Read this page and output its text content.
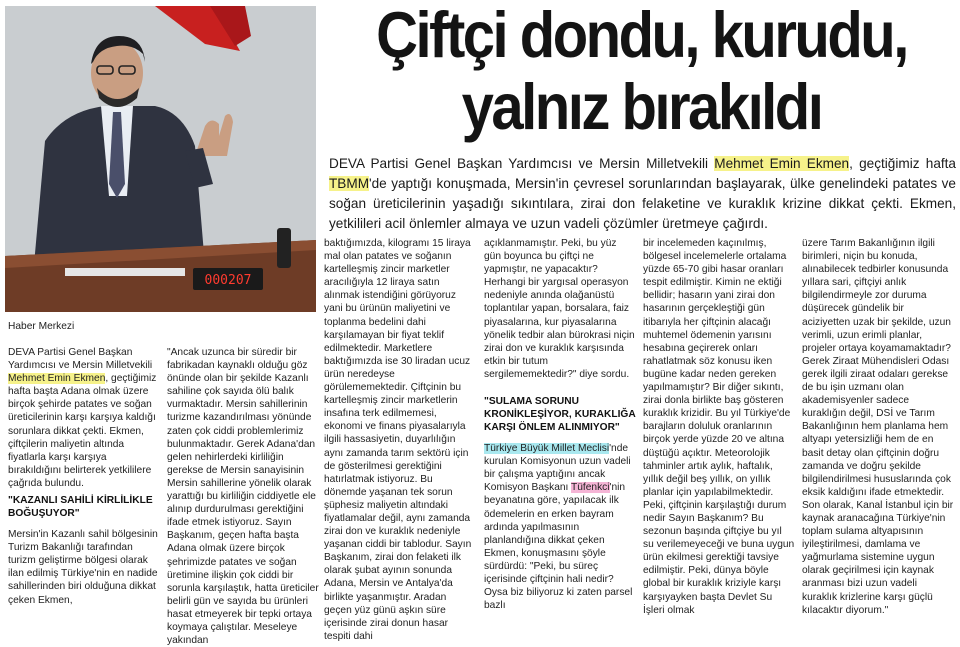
000207
Çiftçi dondu, kurudu,
yalnız bırakıldı

DEVA Partisi Genel Başkan Yardımcısı ve Mersin Milletvekili Mehmet Emin Ekmen, geçtiğimiz hafta TBMM'de yaptığı konuşmada, Mersin'in çevresel sorunlarından başlayarak, ülke genelindeki patates ve soğan üreticilerinin yaşadığı sıkıntılara, zirai don felaketine ve kuraklık krizine dikkat çekti. Ekmen, yetkilileri acil önlemler almaya ve uzun vadeli çözümler üretmeye çağırdı.

Haber Merkezi

DEVA Partisi Genel Başkan Yardımcısı ve Mersin Milletvekili Mehmet Emin Ekmen, geçtiğimiz hafta başta Adana olmak üzere birçok şehirde patates ve soğan üreticilerinin karşı karşıya kaldığı sorunlara dikkat çekti. Ekmen, çiftçilerin maliyetin altında fiyatlarla karşı karşıya bırakıldığını belirterek yetkililere çağrıda bulundu.

"KAZANLI SAHİLİ KİRLİLİKLE BOĞUŞUYOR"

Mersin'in Kazanlı sahil bölgesinin Turizm Bakanlığı tarafından turizm geliştirme bölgesi olarak ilan edilmiş Türkiye'nin en nadide sahillerinden biri olduğuna dikkat çeken Ekmen,

"Ancak uzunca bir süredir bir fabrikadan kaynaklı olduğu göz önünde olan bir şekilde Kazanlı sahiline çok sayıda ölü balık vurmaktadır. Mersin sahillerinin turizme kazandırılması yönünde zaten çok ciddi problemlerimiz bulunmaktadır. Gerek Adana'dan gelen nehirlerdeki kirliliğin gerekse de Mersin sanayisinin Mersin sahillerine yönelik olarak yarattığı bu kirliliğin ciddiyetle ele alınıp durdurulması gerektiğini ifade etmek istiyoruz. Sayın Başkanım, geçen hafta başta Adana olmak üzere birçok şehrimizde patates ve soğan üretimine ilişkin çok ciddi bir sorunla karşılaştık, hatta üreticiler belirli gün ve sayıda bu ürünleri hasat etmeyerek bir tepki ortaya koymaya çalıştılar. Meseleye yakından

baktığımızda, kilogramı 15 liraya mal olan patates ve soğanın kartelleşmiş zincir marketler aracılığıyla 12 liraya satın alınmak istendiğini görüyoruz yani bu ürünün maliyetini ve toplanma bedelini dahi karşılamayan bir fiyat teklif edilmektedir. Marketlere baktığımızda ise 30 liradan ucuz ürün neredeyse görülememektedir. Çiftçinin bu kartelleşmiş zincir marketlerin insafına terk edilmemesi, ekonomi ve finans piyasalarıyla ilgili hassasiyetin, duyarlılığın aynı zamanda tarım sektörü için de gösterilmesi gerektiğini hatırlatmak istiyoruz. Bu dönemde yaşanan tek sorun şüphesiz maliyetin altındaki fiyatlamalar değil, aynı zamanda zirai don ve kuraklık nedeniyle yaşanan ciddi bir tablodur. Sayın Başkanım, zirai don felaketi ilk olarak şubat ayının sonunda Adana, Mersin ve Antalya'da birlikte yaşanmıştır. Aradan geçen yüz günü aşkın süre içerisinde zirai donun hasar tespiti dahi

açıklanmamıştır. Peki, bu yüz gün boyunca bu çiftçi ne yapmıştır, ne yapacaktır? Herhangi bir yargısal operasyon nedeniyle anında olağanüstü toplantılar yapan, borsalara, faiz piyasalarına, kur piyasalarına yönelik tedbir alan bürokrasi niçin zirai don ve kuraklık karşısında etkin bir tutum sergilememektedir?" diye sordu.

"SULAMA SORUNU KRONİKLEŞİYOR, KURAKLIĞA KARŞI ÖNLEM ALINMIYOR"

Türkiye Büyük Millet Meclisi'nde kurulan Komisyonun uzun vadeli bir çalışma yaptığını ancak Komisyon Başkanı Tüfenkci'nin beyanatına göre, yapılacak ilk ödemelerin en erken bayram ardında yapılmasının planlandığına dikkat çeken Ekmen, konuşmasını şöyle sürdürdü: "Peki, bu süreç içerisinde çiftçinin hali nedir? Oysa biz biliyoruz ki zaten parsel bazlı

bir incelemeden kaçınılmış, bölgesel incelemelerle ortalama yüzde 65-70 gibi hasar oranları tespit edilmiştir. Kimin ne ektiği bellidir; hasarın yani zirai don hasarının gerçekleştiği gün itibarıyla her çiftçinin alacağı muhtemel ödemenin yarısını hesabına geçirerek onları rahatlatmak söz konusu iken bugüne kadar neden gereken yapılmamıştır? Bir diğer sıkıntı, zirai donla birlikte baş gösteren kuraklık krizidir. Bu yıl Türkiye'de barajların doluluk oranlarının birçok yerde yüzde 20 ve altına düştüğü açıktır. Meteorolojik tahminler artık aylık, haftalık, yıllık değil beş yıllık, on yıllık planlar için yapılabilmektedir. Peki, çiftçinin karşılaştığı durum nedir Sayın Başkanım? Bu sezonun başında çiftçiye bu yıl su verilemeyeceği ve buna uygun ürün ekilmesi gerektiği tavsiye edilmiştir. Peki, dünya böyle global bir kuraklık kriziyle karşı karşıyayken başta Devlet Su İşleri olmak

üzere Tarım Bakanlığının ilgili birimleri, niçin bu konuda, alınabilecek tedbirler konusunda yıllara sari, çiftçiyi anlık bilgilendirmeyle zor duruma düşürecek gündelik bir aciziyetten uzak bir şekilde, uzun verimli, uzun erimli planlar, projeler ortaya koyamamaktadır? Gerek Ziraat Mühendisleri Odası gerek ilgili ziraat odaları gerekse de bu işin uzmanı olan akademisyenler sadece kuraklığın değil, DSİ ve Tarım Bakanlığının hem planlama hem altyapı yetersizliği hem de en basit detay olan çiftçinin doğru zamanda ve doğru şekilde bilgilendirilmesi hususlarında çok eksik kaldığını ifade etmektedir. Son olarak, Kanal İstanbul için bir kaynak aranacağına Türkiye'nin toplam sulama altyapısının iyileştirilmesi, damlama ve yağmurlama sistemine uygun olarak geçirilmesi için kaynak aranması bizi uzun vadeli kuraklık krizlerine karşı güçlü kılacaktır diyorum."
